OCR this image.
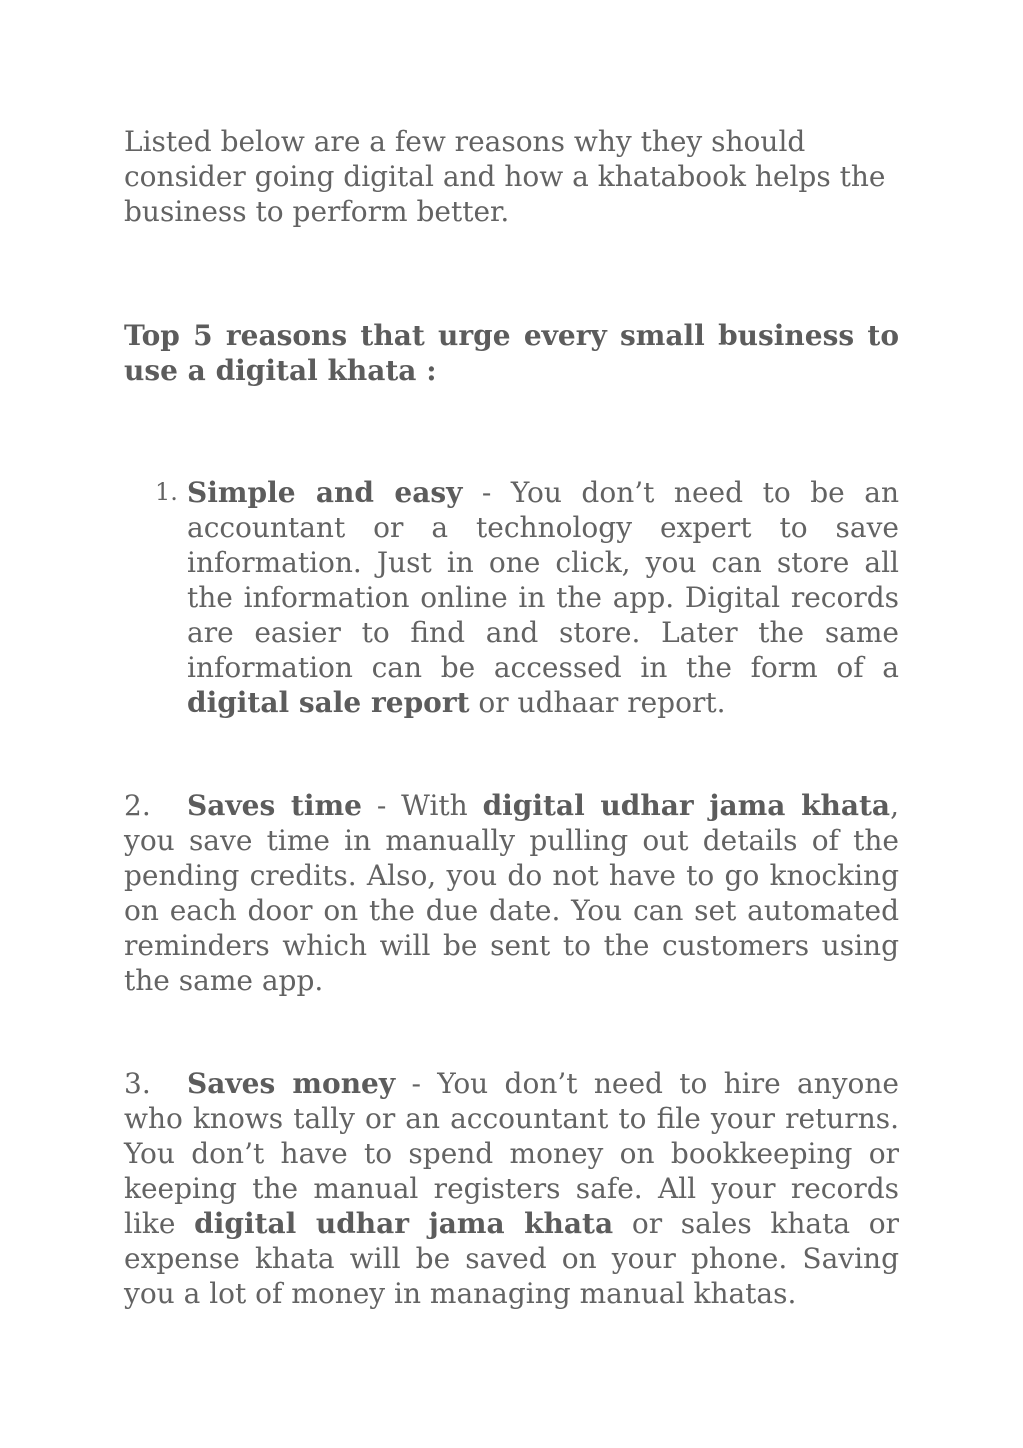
Listed below are a few reasons why they should consider going digital and how a khatabook helps the business to perform better.

Top 5 reasons that urge every small business to use a digital khata :

1. Simple and easy - You don’t need to be an accountant or a technology expert to save information. Just in one click, you can store all the information online in the app. Digital records are easier to find and store. Later the same information can be accessed in the form of a digital sale report or udhaar report.

2. Saves time - With digital udhar jama khata, you save time in manually pulling out details of the pending credits. Also, you do not have to go knocking on each door on the due date. You can set automated reminders which will be sent to the customers using the same app.

3. Saves money - You don’t need to hire anyone who knows tally or an accountant to file your returns. You don’t have to spend money on bookkeeping or keeping the manual registers safe. All your records like digital udhar jama khata or sales khata or expense khata will be saved on your phone. Saving you a lot of money in managing manual khatas.
